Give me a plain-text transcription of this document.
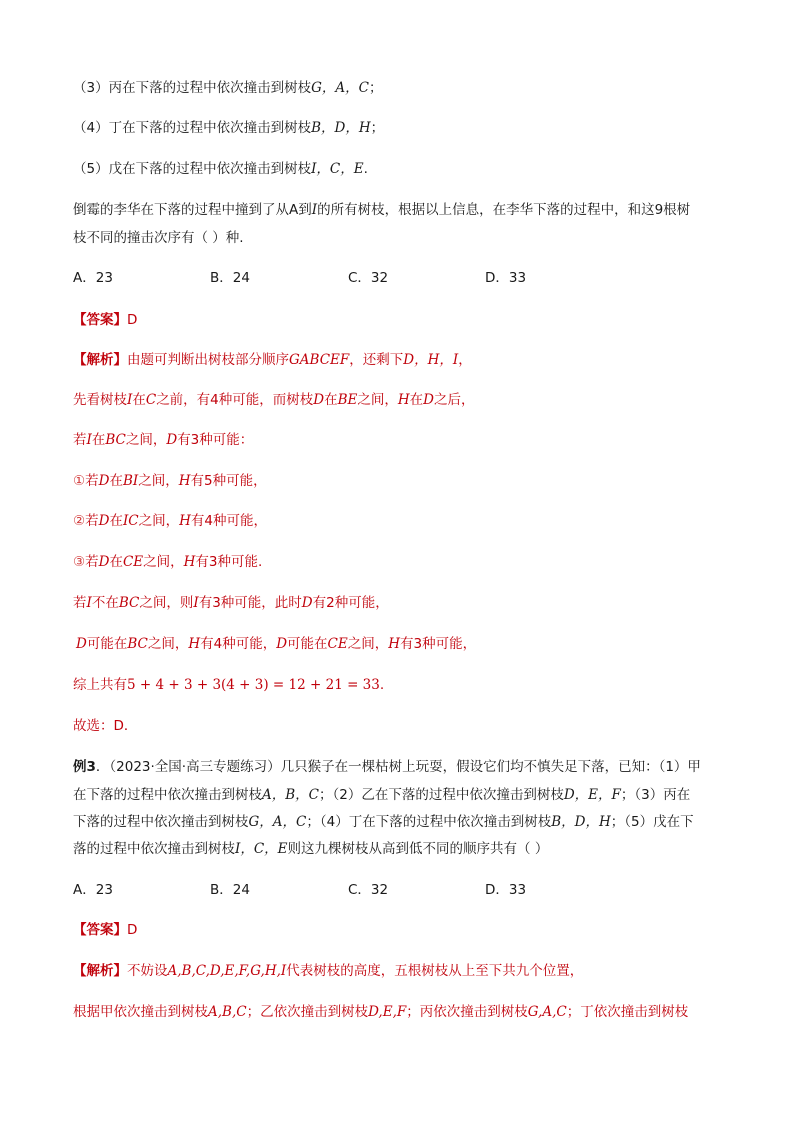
（3）丙在下落的过程中依次撞击到树枝G，A，C；
（4）丁在下落的过程中依次撞击到树枝B，D，H；
（5）戊在下落的过程中依次撞击到树枝I，C，E.
倒霉的李华在下落的过程中撞到了从A到I的所有树枝，根据以上信息，在李华下落的过程中，和这9根树
枝不同的撞击次序有（ ）种.
A．23	B．24	C．32	D．33
【答案】D
【解析】由题可判断出树枝部分顺序GABCEF，还剩下D，H，I，
先看树枝I在C之前，有4种可能，而树枝D在BE之间，H在D之后，
若I在BC之间，D有3种可能：
①若D在BI之间，H有5种可能，
②若D在IC之间，H有4种可能，
③若D在CE之间，H有3种可能.
若I不在BC之间，则I有3种可能，此时D有2种可能，
D可能在BC之间，H有4种可能，D可能在CE之间，H有3种可能，
综上共有5 + 4 + 3 + 3(4 + 3) = 12 + 21 = 33.
故选：D．
例3．（2023·全国·高三专题练习）几只猴子在一棵枯树上玩耍，假设它们均不慎失足下落，已知：（1）甲
在下落的过程中依次撞击到树枝A，B，C；（2）乙在下落的过程中依次撞击到树枝D，E，F；（3）丙在
下落的过程中依次撞击到树枝G，A，C；（4）丁在下落的过程中依次撞击到树枝B，D，H；（5）戊在下
落的过程中依次撞击到树枝I，C，E则这九棵树枝从高到低不同的顺序共有（ ）
A．23	B．24	C．32	D．33
【答案】D
【解析】不妨设A,B,C,D,E,F,G,H,I代表树枝的高度，五根树枝从上至下共九个位置，
根据甲依次撞击到树枝A,B,C；乙依次撞击到树枝D,E,F；丙依次撞击到树枝G,A,C；丁依次撞击到树枝
